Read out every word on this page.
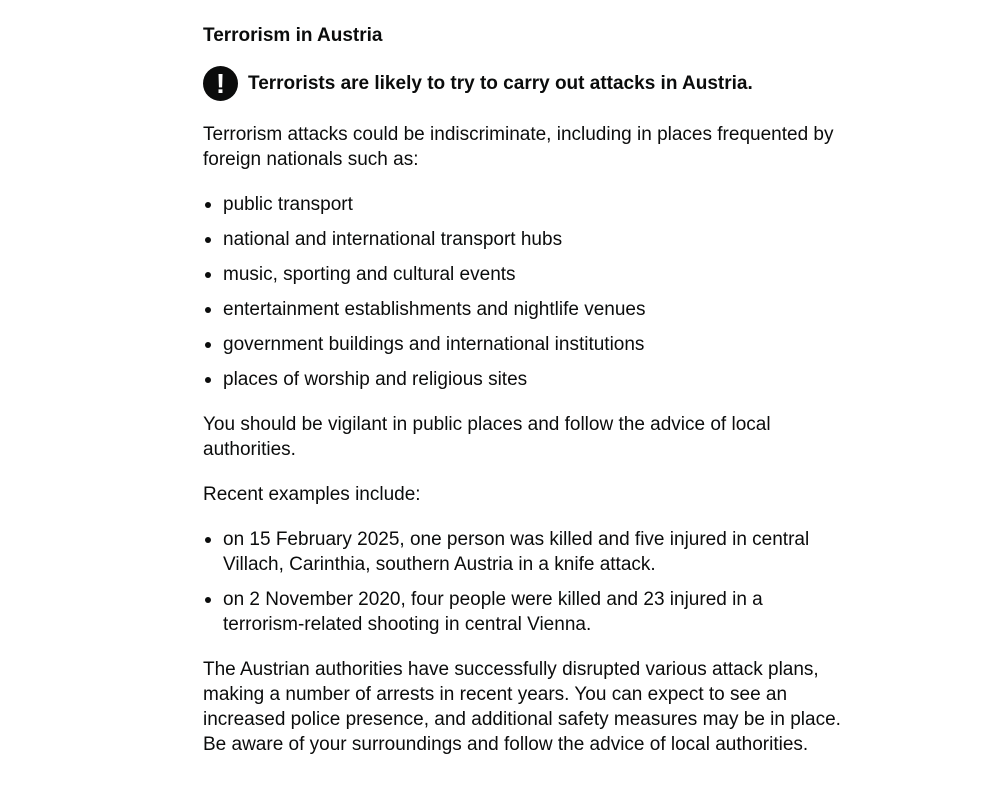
Terrorism in Austria
!	Terrorists are likely to try to carry out attacks in Austria.

Terrorism attacks could be indiscriminate, including in places frequented by foreign nationals such as:

public transport
national and international transport hubs
music, sporting and cultural events
entertainment establishments and nightlife venues
government buildings and international institutions
places of worship and religious sites

You should be vigilant in public places and follow the advice of local authorities.

Recent examples include:

on 15 February 2025, one person was killed and five injured in central Villach, Carinthia, southern Austria in a knife attack.
on 2 November 2020, four people were killed and 23 injured in a terrorism-related shooting in central Vienna.

The Austrian authorities have successfully disrupted various attack plans, making a number of arrests in recent years. You can expect to see an increased police presence, and additional safety measures may be in place. Be aware of your surroundings and follow the advice of local authorities.
